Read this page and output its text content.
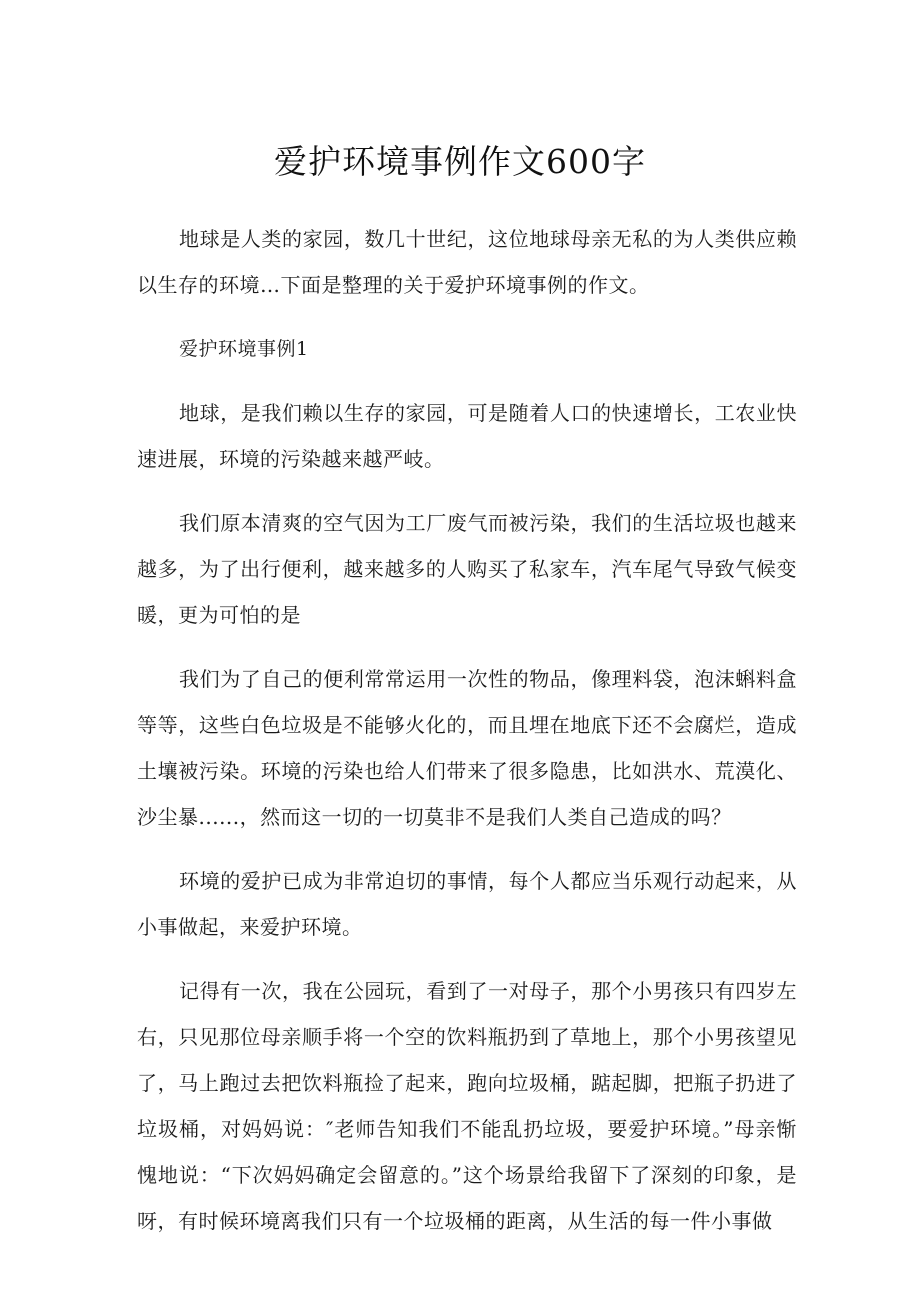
爱护环境事例作文600字

地球是人类的家园，数几十世纪，这位地球母亲无私的为人类供应赖以生存的环境…下面是整理的关于爱护环境事例的作文。

爱护环境事例1

地球，是我们赖以生存的家园，可是随着人口的快速增长，工农业快速进展，环境的污染越来越严岐。

我们原本清爽的空气因为工厂废气而被污染，我们的生活垃圾也越来越多，为了出行便利，越来越多的人购买了私家车，汽车尾气导致气候变暖，更为可怕的是

我们为了自己的便利常常运用一次性的物品，像理料袋，泡沫蝌料盒等等，这些白色垃圾是不能够火化的，而且埋在地底下还不会腐烂，造成土壤被污染。环境的污染也给人们带来了很多隐患，比如洪水、荒漠化、沙尘暴......，然而这一切的一切莫非不是我们人类自己造成的吗？

环境的爱护已成为非常迫切的事情，每个人都应当乐观行动起来，从小事做起，来爱护环境。

记得有一次，我在公园玩，看到了一对母子，那个小男孩只有四岁左右，只见那位母亲顺手将一个空的饮料瓶扔到了草地上，那个小男孩望见了，马上跑过去把饮料瓶捡了起来，跑向垃圾桶，踮起脚，把瓶子扔进了垃圾桶，对妈妈说：″老师告知我们不能乱扔垃圾，要爱护环境。”母亲惭愧地说：“下次妈妈确定会留意的。”这个场景给我留下了深刻的印象，是呀，有时候环境离我们只有一个垃圾桶的距离，从生活的每一件小事做
